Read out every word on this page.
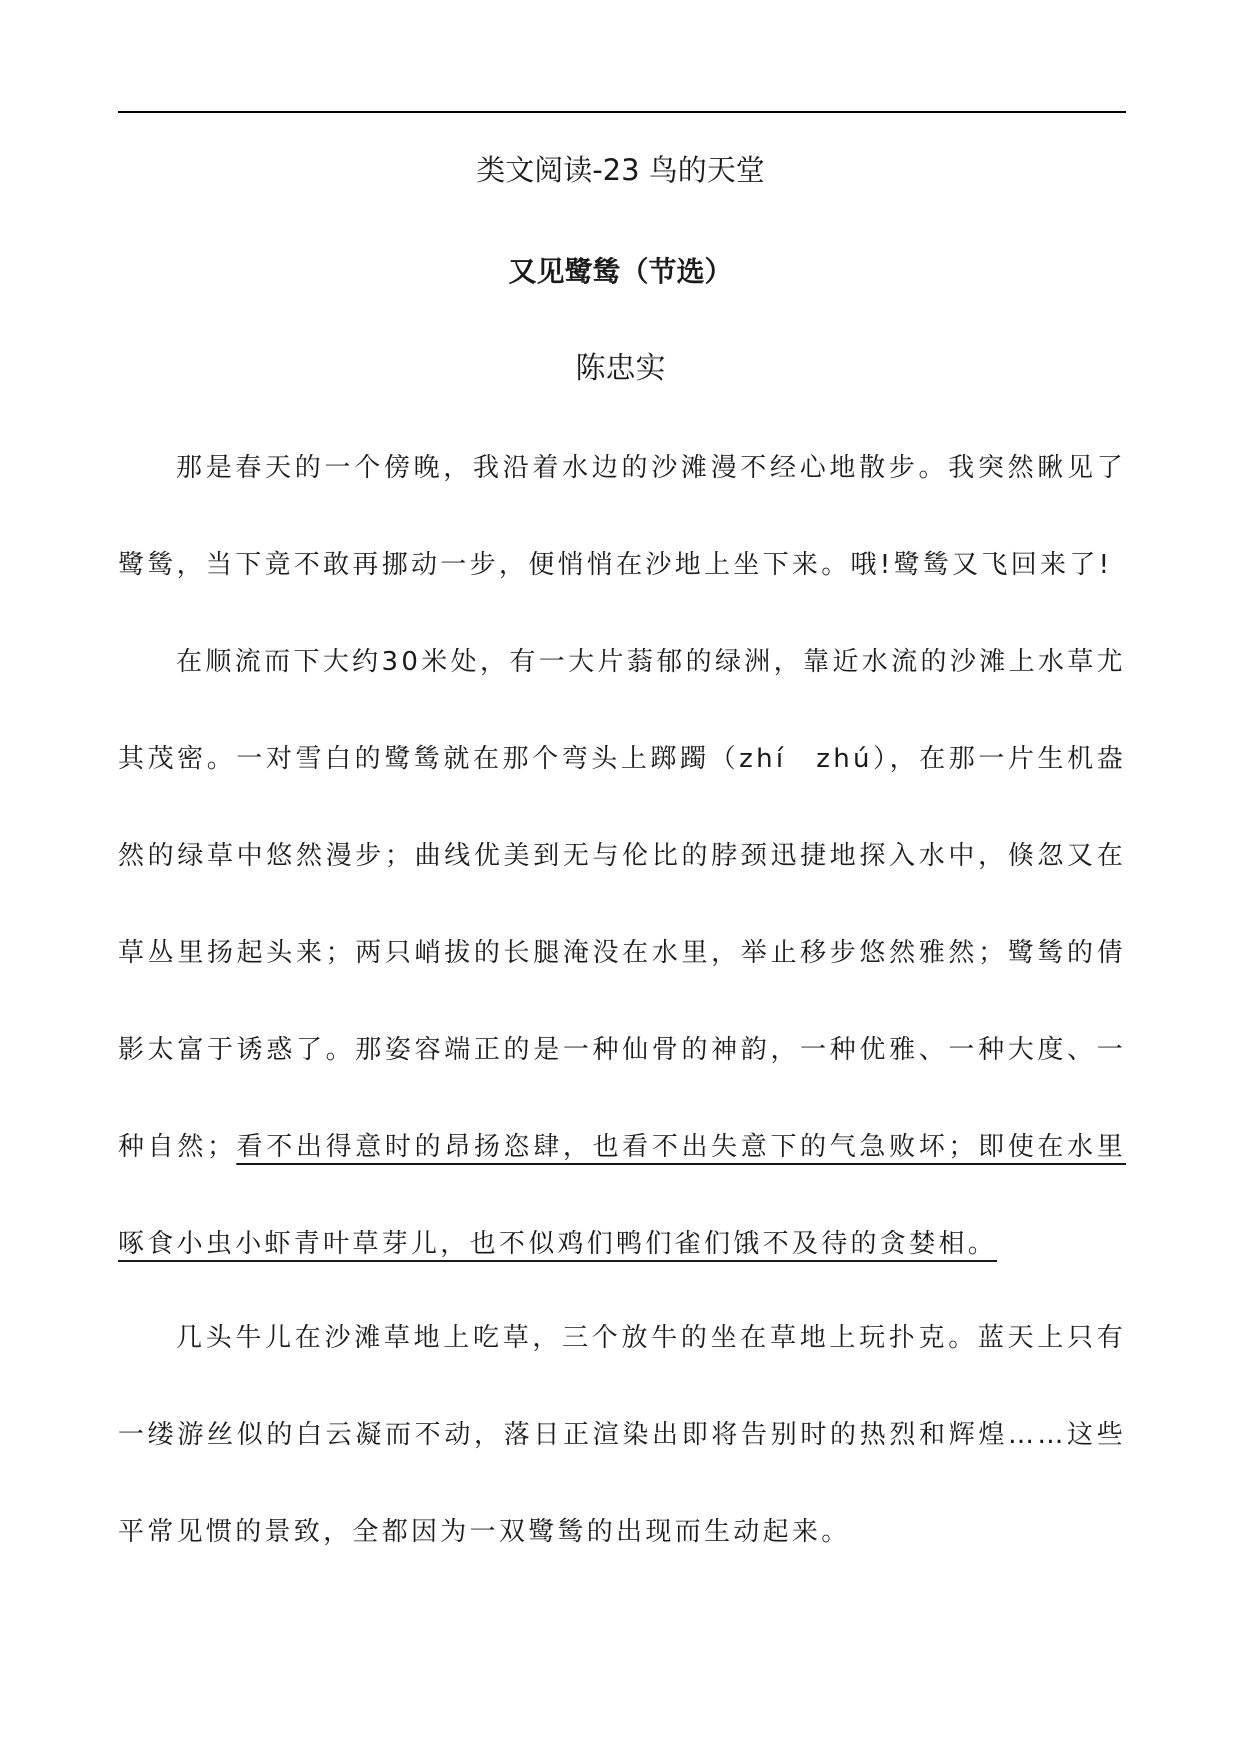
类文阅读-23 鸟的天堂
又见鹭鸶（节选）
陈忠实

那是春天的一个傍晚，我沿着水边的沙滩漫不经心地散步。我突然瞅见了鹭鸶，当下竟不敢再挪动一步，便悄悄在沙地上坐下来。哦!鹭鸶又飞回来了!

在顺流而下大约30米处，有一大片蓊郁的绿洲，靠近水流的沙滩上水草尤其茂密。一对雪白的鹭鸶就在那个弯头上踯躅（zhí　zhú），在那一片生机盎然的绿草中悠然漫步；曲线优美到无与伦比的脖颈迅捷地探入水中，倏忽又在草丛里扬起头来；两只峭拔的长腿淹没在水里，举止移步悠然雅然；鹭鸶的倩影太富于诱惑了。那姿容端正的是一种仙骨的神韵，一种优雅、一种大度、一种自然；看不出得意时的昂扬恣肆，也看不出失意下的气急败坏；即使在水里啄食小虫小虾青叶草芽儿，也不似鸡们鸭们雀们饿不及待的贪婪相。

几头牛儿在沙滩草地上吃草，三个放牛的坐在草地上玩扑克。蓝天上只有一缕游丝似的白云凝而不动，落日正渲染出即将告别时的热烈和辉煌……这些平常见惯的景致，全都因为一双鹭鸶的出现而生动起来。
